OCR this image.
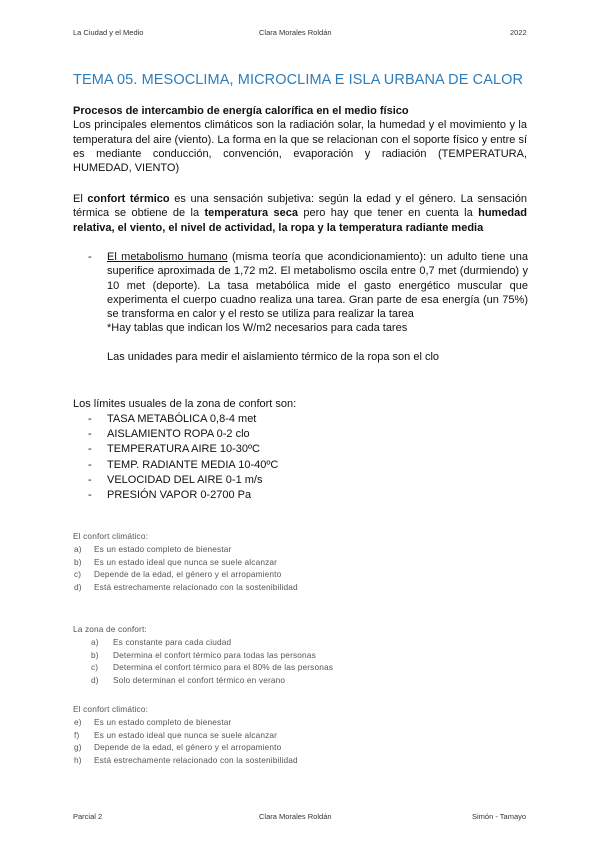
La Ciudad y el Medio	Clara Morales Roldán	2022
TEMA 05. MESOCLIMA, MICROCLIMA E ISLA URBANA DE CALOR
Procesos de intercambio de energía calorífica en el medio físico
Los principales elementos climáticos son la radiación solar, la humedad y el movimiento y la temperatura del aire (viento). La forma en la que se relacionan con el soporte físico y entre sí es mediante conducción, convención, evaporación y radiación (TEMPERATURA, HUMEDAD, VIENTO)
El confort térmico es una sensación subjetiva: según la edad y el género. La sensación térmica se obtiene de la temperatura seca pero hay que tener en cuenta la humedad relativa, el viento, el nivel de actividad, la ropa y la temperatura radiante media
-	El metabolismo humano (misma teoría que acondicionamiento): un adulto tiene una superifice aproximada de 1,72 m2. El metabolismo oscila entre 0,7 met (durmiendo) y 10 met (deporte). La tasa metabólica mide el gasto energético muscular que experimenta el cuerpo cuadno realiza una tarea. Gran parte de esa energía (un 75%) se transforma en calor y el resto se utiliza para realizar la tarea
*Hay tablas que indican los W/m2 necesarios para cada tares
Las unidades para medir el aislamiento térmico de la ropa son el clo
Los límites usuales de la zona de confort son:
-	TASA METABÓLICA 0,8-4 met
-	AISLAMIENTO ROPA 0-2 clo
-	TEMPERATURA AIRE 10-30ºC
-	TEMP. RADIANTE MEDIA 10-40ºC
-	VELOCIDAD DEL AIRE 0-1 m/s
-	PRESIÓN VAPOR 0-2700 Pa
El confort climático:
a)	Es un estado completo de bienestar
b)	Es un estado ideal que nunca se suele alcanzar
c)	Depende de la edad, el género y el arropamiento
d)	Está estrechamente relacionado con la sostenibilidad
La zona de confort:
a)	Es constante para cada ciudad
b)	Determina el confort térmico para todas las personas
c)	Determina el confort térmico para el 80% de las personas
d)	Solo determinan el confort térmico en verano
El confort climático:
e)	Es un estado completo de bienestar
f)	Es un estado ideal que nunca se suele alcanzar
g)	Depende de la edad, el género y el arropamiento
h)	Está estrechamente relacionado con la sostenibilidad
Parcial 2	Clara Morales Roldán	Simón - Tamayo
